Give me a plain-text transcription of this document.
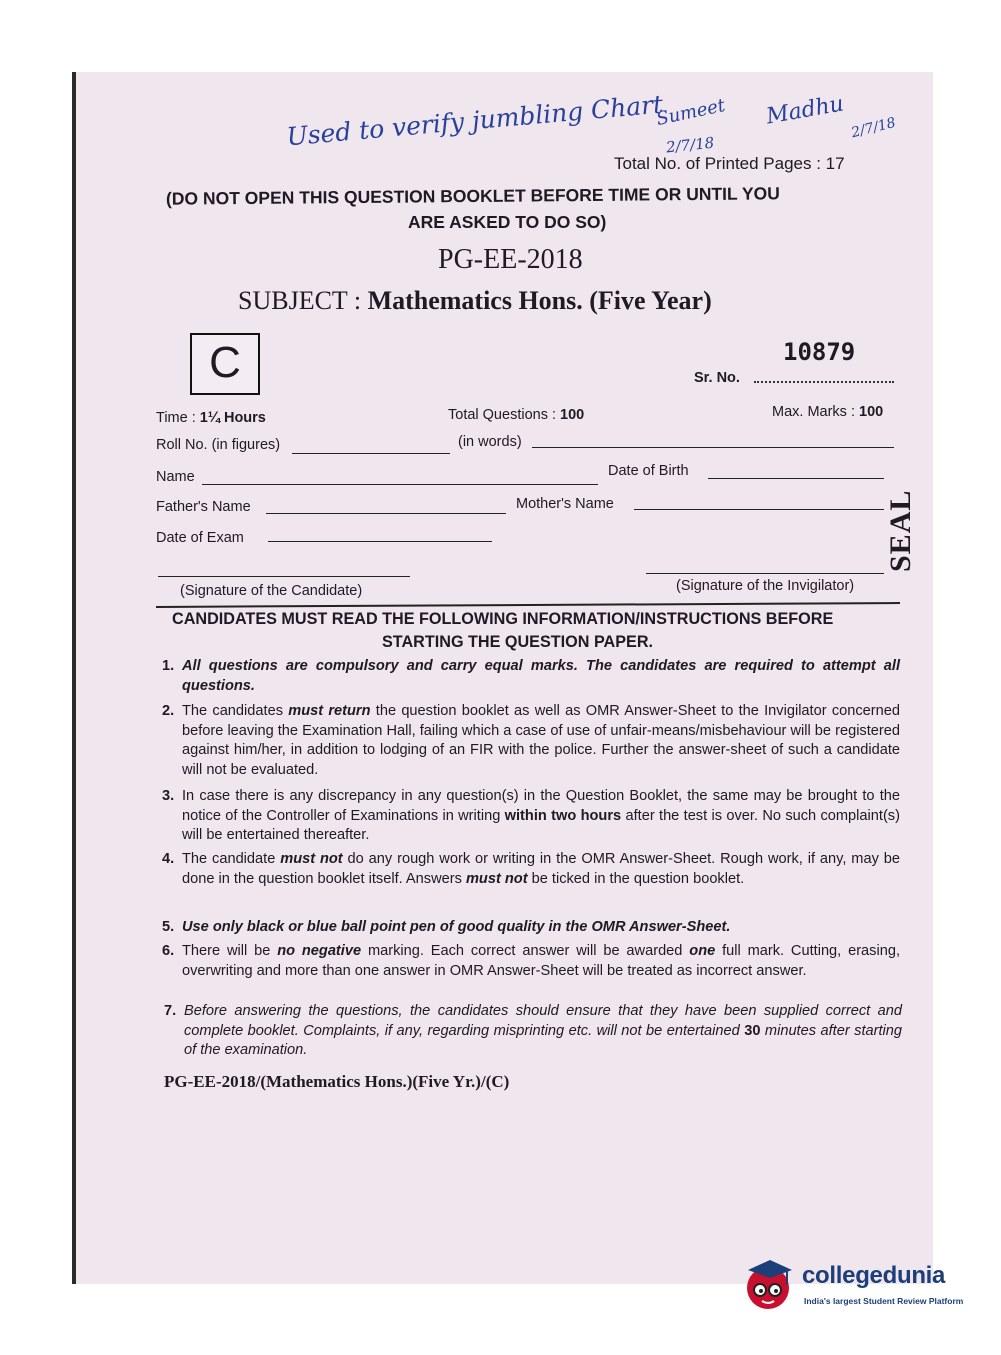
Used to verify jumbling Chart
Sumeet
2/7/18
Madhu 2/7/18
Total No. of Printed Pages : 17
(DO NOT OPEN THIS QUESTION BOOKLET BEFORE TIME OR UNTIL YOU
ARE ASKED TO DO SO)
PG-EE-2018
SUBJECT : Mathematics Hons. (Five Year)
C	10879
Sr. No.
Time : 1¼ Hours	Total Questions : 100	Max. Marks : 100
Roll No. (in figures)	(in words)
Name	Date of Birth
Father's Name	Mother's Name
Date of Exam
(Signature of the Candidate)	(Signature of the Invigilator)
SEAL
CANDIDATES MUST READ THE FOLLOWING INFORMATION/INSTRUCTIONS BEFORE
STARTING THE QUESTION PAPER.
1. All questions are compulsory and carry equal marks. The candidates are required to attempt all questions.

2. The candidates must return the question booklet as well as OMR Answer-Sheet to the Invigilator concerned before leaving the Examination Hall, failing which a case of use of unfair-means/misbehaviour will be registered against him/her, in addition to lodging of an FIR with the police. Further the answer-sheet of such a candidate will not be evaluated.

3. In case there is any discrepancy in any question(s) in the Question Booklet, the same may be brought to the notice of the Controller of Examinations in writing within two hours after the test is over. No such complaint(s) will be entertained thereafter.

4. The candidate must not do any rough work or writing in the OMR Answer-Sheet. Rough work, if any, may be done in the question booklet itself. Answers must not be ticked in the question booklet.

5. Use only black or blue ball point pen of good quality in the OMR Answer-Sheet.

6. There will be no negative marking. Each correct answer will be awarded one full mark. Cutting, erasing, overwriting and more than one answer in OMR Answer-Sheet will be treated as incorrect answer.

7. Before answering the questions, the candidates should ensure that they have been supplied correct and complete booklet. Complaints, if any, regarding misprinting etc. will not be entertained 30 minutes after starting of the examination.

PG-EE-2018/(Mathematics Hons.)(Five Yr.)/(C)
collegedunia
India's largest Student Review Platform
